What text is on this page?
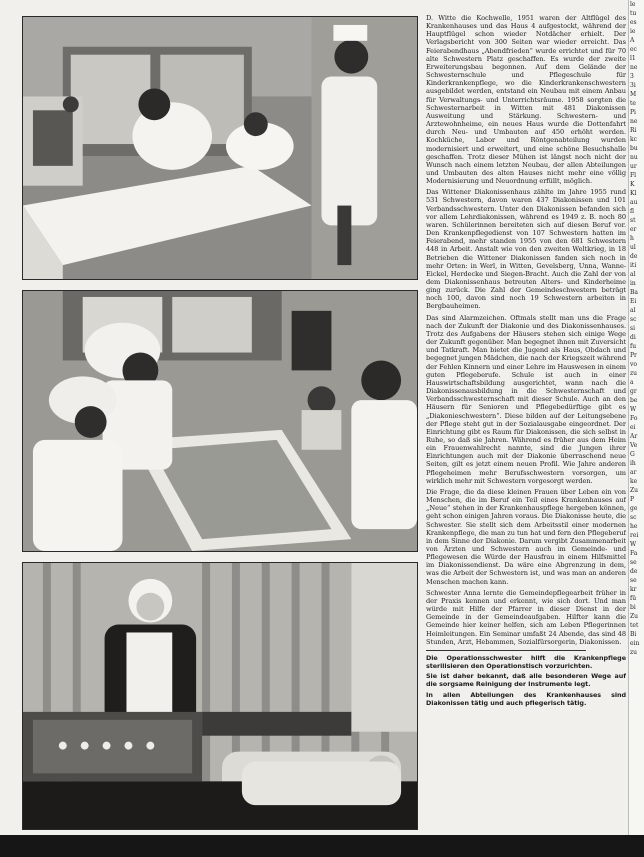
D. Witte die Kochwelle, 1951 waren der Altflügel des Krankenhauses und das Haus 4 aufgestockt, während der Hauptflügel schon wieder Notdächer erhielt. Der Verlagsbericht von 300 Seiten war wieder erreicht. Das Feierabendhaus „Abendfrieden“ wurde errichtet und für 70 alte Schwestern Platz geschaffen. Es wurde der zweite Erweiterungsbau begonnen. Auf dem Gelände der Schwesternschule und Pflegeschule für Kinderkrankenpflege, wo die Kinderkrankenschwestern ausgebildet werden, entstand ein Neubau mit einem Anbau für Verwaltungs- und Unterrichtsräume. 1958 sorgten die Schwesternarbeit in Witten mit 481 Diakonissen Ausweitung und Stärkung. Schwestern- und Arztewohnheime, ein neues Haus wurde die Dottenfahrt durch Neu- und Umbauten auf 450 erhöht werden. Kochküche, Labor und Röntgenabteilung wurden modernisiert und erweitert, und eine schöne Besuchshalle geschaffen. Trotz dieser Mühen ist längst noch nicht der Wunsch nach einem letzten Neubau, der allen Abteilungen und Umbauten des alten Hauses nicht mehr eine völlig Modernisierung und Neuordnung erfüllt, möglich.

Das Wittener Diakonissenhaus zählte im Jahre 1955 rund 531 Schwestern, davon waren 437 Diakonissen und 101 Verbandsschwestern. Unter den Diakonissen befanden sich vor allem Lehrdiakonissen, während es 1949 z. B. noch 80 waren. Schülerinnen bereiteten sich auf diesen Beruf vor. Den Krankenpflegedienst von 107 Schwestern hatten im Feierabend, mehr standen 1955 von den 681 Schwestern 448 in Arbeit. Anstalt wie von den zweiten Weltkrieg, in 18 Betrieben die Wittener Diakonissen fanden sich noch in mehr Orten: in Werl, in Witten, Gevelsberg, Unna, Wanne-Eickel, Herdecke und Siegen-Bracht. Auch die Zahl der von dem Diakonissenhaus betreuten Alters- und Kinderheime ging zurück. Die Zahl der Gemeindeschwestern beträgt noch 100, davon sind noch 19 Schwestern arbeiten in Bergbauheimen.

Das sind Alarmzeichen. Oftmals stellt man uns die Frage nach der Zukunft der Diakonie und des Diakonissenhauses. Trotz des Aufgabens der Häusers stehen sich einige Wege der Zukunft gegenüber. Man begegnet ihnen mit Zuversicht und Tatkraft. Man bietet die Jugend als Haus, Obdach und begegnet jungen Mädchen, die nach der Kriegszeit während der Fehlen Kinnern und einer Lehre im Hauswesen in einem guten Pflegeberufe. Schule ist auch in einer Hauswirtschaftsbildung ausgerichtet, wann nach die Diakonissenausbildung in die Schwesternschaft und Verbandsschwesternschaft mit dieser Schule. Auch an den Häusern für Senioren und Pflegebedürftige gibt es „Diakonieschwestern“. Diese bilden auf der Leitungsebene der Pflege steht gut in der Sozialausgabe eingeordnet. Der Einrichtung gibt es Raum für Diakonissen, die sich selbst in Ruhe, so daß sie Jahren. Während es früher aus dem Heim ein Frauenwahlrecht nannte, sind die Jungen ihrer Einrichtungen auch mit der Diakonie überraschend neue Seiten, gilt es jetzt einem neuen Profil. Wie Jahre anderen Pflegeheimen mehr Berufsschwestern vorsorgen, um wirklich mehr mit Schwestern vorgesorgt werden.

Die Frage, die da diese kleinen Frauen über Leben ein von Menschen, die im Beruf ein Teil eines Krankenhauses auf „Neue“ stehen in der Krankenhauspflege hergeben können, geht schon einigen Jahren voraus. Die Diakonisse heute, die Schwester. Sie stellt sich dem Arbeitsstil einer modernen Krankenpflege, die man zu tun hat und fern den Pflegeberuf in dem Sinne der Diakonie. Darum vergibt Zusammenarbeit von Ärzten und Schwestern auch im Gemeinde- und Pflegewesen die Würde der Hausfrau in einem Hilfsmittel im Diakonissendienst. Da wäre eine Abgrenzung in dem, was die Arbeit der Schwestern ist, und was man an anderen Menschen machen kann.

Schwester Anna lernte die Gemeindepflegearbeit früher in der Praxis kennen und erkennt, wie sich dort. Und man würde mit Hilfe der Pfarrer in dieser Dienst in der Gemeinde in der Gemeindeaufgaben. Hilfter kann die Gemeinde hier keiner helfen, sich am Leben Pflegerinnen Heimleitungen. Ein Seminar umfaßt 24 Abende, das sind 48 Stunden, Arzt, Hebammen, Sozialfürsorgerin, Diakonissen.

Die Operationsschwester hilft die Krankenpflege sterilisieren den Operationstisch vorzurichten.
Sie ist daher bekannt, daß alle besonderen Wege auf die sorgsame Reinigung der Instrumente legt.
In allen Abteilungen des Krankenhauses sind Diakonissen tätig und auch pflegerisch tätig.
le
tu
es
ie
A
ec
l1
ne
3
3i
M
te
Pi
ne
Ri
kc
bu
nu
ur
Fl
K
Kl
au
fl
st
er
h
ul
de
iti
al
in
Ba
Ei
al
sc
si
di
fu
Pr
vo
zu
a
gr
be
W
Fo
ei
Ar
Ve
G
ih
ar
ke
Zu
P
ge
sc
he
rei
W
Fa
se
de
se
kr
fü
bi
Zu
tet
Bi
ein
zu
